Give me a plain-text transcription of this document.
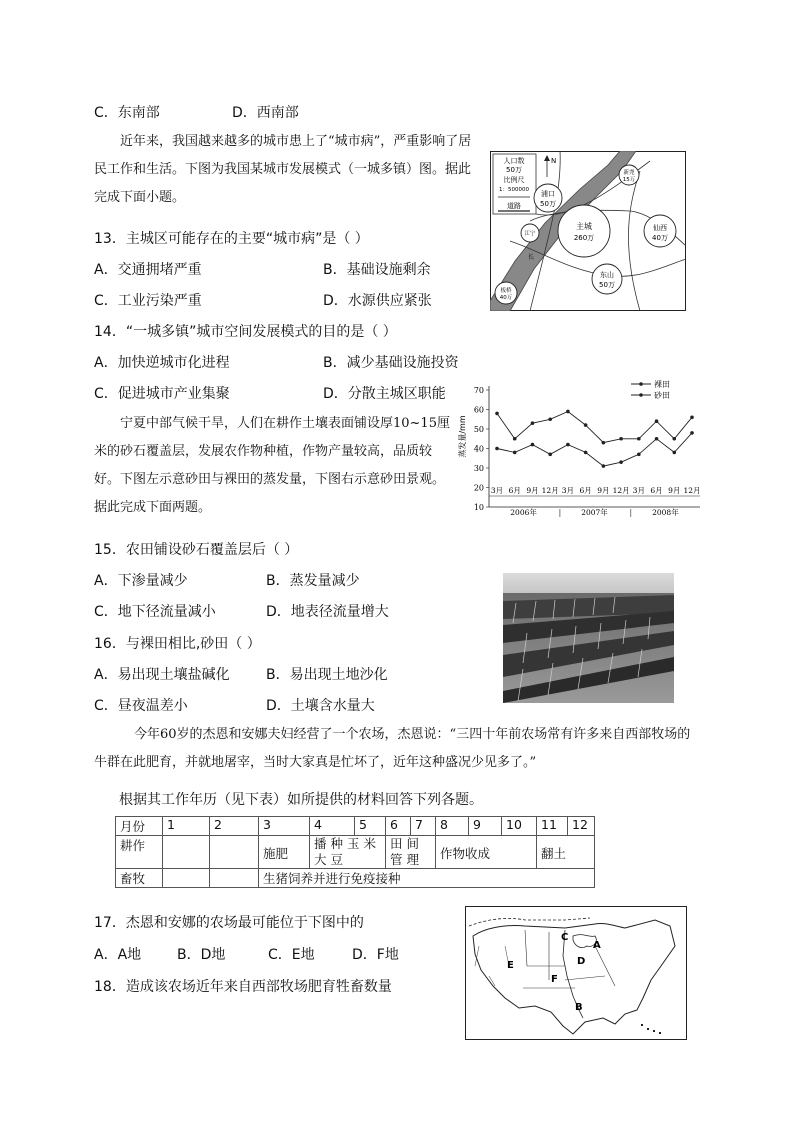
C．东南部	D．西南部
近年来，我国越来越多的城市患上了“城市病”，严重影响了居民工作和生活。下图为我国某城市发展模式（一城多镇）图。据此完成下面小题。
13．主城区可能存在的主要“城市病”是（ ）
A．交通拥堵严重	B．基础设施剩余
C．工业污染严重	D．水源供应紧张
14．“一城多镇”城市空间发展模式的目的是（ ）
A．加快逆城市化进程	B．减少基础设施投资
C．促进城市产业集聚	D．分散主城区职能
人口数
50万
比例尺
1：500000
道路
N
主城
260万
浦口
50万
仙西
40万
东山
50万
新尧
15万
板桥
40万
江宁
长
宁夏中部气候干旱，人们在耕作土壤表面铺设厚10~15厘米的砂石覆盖层，发展农作物种植，作物产量较高，品质较好。下图左示意砂田与裸田的蒸发量，下图右示意砂田景观。据此完成下面两题。
蒸发量/mm
10
20
30
40
50
60
70
3月 6月 9月 12月 3月 6月 9月 12月 3月 6月 9月 12月
2006年	2007年	2008年
裸田
砂田
15．农田铺设砂石覆盖层后（ ）
A．下渗量减少	B．蒸发量减少
C．地下径流量减小	D．地表径流量增大
16．与裸田相比,砂田（ ）
A．易出现土壤盐碱化	B．易出现土地沙化
C．昼夜温差小	D．土壤含水量大
今年60岁的杰恩和安娜夫妇经营了一个农场，杰恩说：“三四十年前农场常有许多来自西部牧场的牛群在此肥育，并就地屠宰，当时大家真是忙坏了，近年这种盛况少见多了。”
根据其工作年历（见下表）如所提供的材料回答下列各题。
月份	1	2	3	4	5	6	7	8	9	10	11	12
耕作			施肥	播种玉米大豆		田间管理		作物收成			翻土	
畜牧			生猪饲养并进行免疫接种									
17．杰恩和安娜的农场最可能位于下图中的
A．A地	B．D地	C．E地	D．F地
18．造成该农场近年来自西部牧场肥育牲畜数量
A
B
C
D
E
F
